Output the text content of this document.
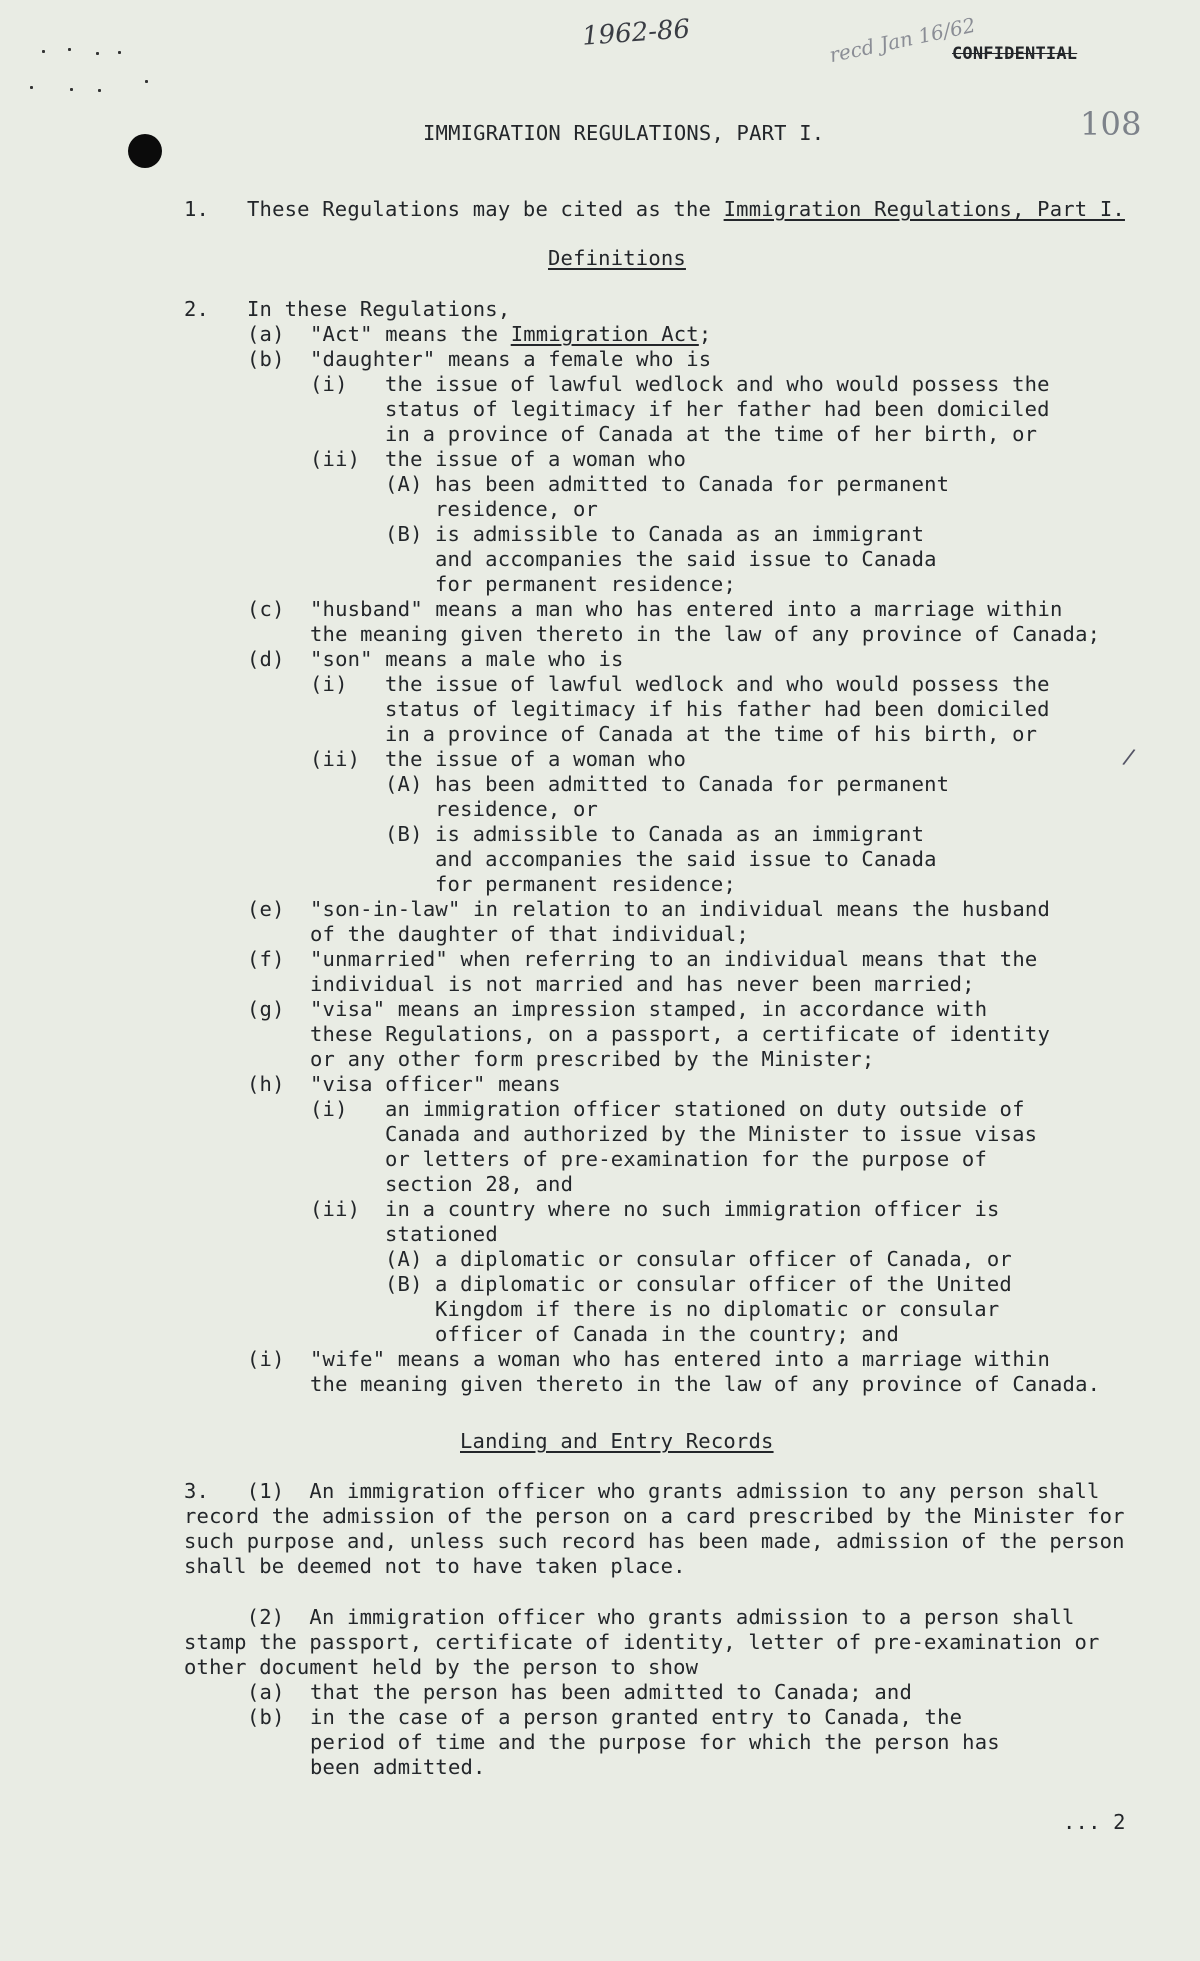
1962-86	recd Jan 16/62
CONFIDENTIAL
108
IMMIGRATION REGULATIONS, PART I.
1. These Regulations may be cited as the Immigration Regulations, Part I.
Definitions
2. In these Regulations,
(a) "Act" means the Immigration Act;
(b) "daughter" means a female who is
(i) the issue of lawful wedlock and who would possess the
status of legitimacy if her father had been domiciled
in a province of Canada at the time of her birth, or
(ii) the issue of a woman who
(A) has been admitted to Canada for permanent
residence, or
(B) is admissible to Canada as an immigrant
and accompanies the said issue to Canada
for permanent residence;
(c) "husband" means a man who has entered into a marriage within
the meaning given thereto in the law of any province of Canada;
(d) "son" means a male who is
(i) the issue of lawful wedlock and who would possess the
status of legitimacy if his father had been domiciled
in a province of Canada at the time of his birth, or
(ii) the issue of a woman who
(A) has been admitted to Canada for permanent
residence, or
(B) is admissible to Canada as an immigrant
and accompanies the said issue to Canada
for permanent residence;
(e) "son-in-law" in relation to an individual means the husband
of the daughter of that individual;
(f) "unmarried" when referring to an individual means that the
individual is not married and has never been married;
(g) "visa" means an impression stamped, in accordance with
these Regulations, on a passport, a certificate of identity
or any other form prescribed by the Minister;
(h) "visa officer" means
(i) an immigration officer stationed on duty outside of
Canada and authorized by the Minister to issue visas
or letters of pre-examination for the purpose of
section 28, and
(ii) in a country where no such immigration officer is
stationed
(A) a diplomatic or consular officer of Canada, or
(B) a diplomatic or consular officer of the United
Kingdom if there is no diplomatic or consular
officer of Canada in the country; and
(i) "wife" means a woman who has entered into a marriage within
the meaning given thereto in the law of any province of Canada.
Landing and Entry Records
3.   (1)  An immigration officer who grants admission to any person shall
record the admission of the person on a card prescribed by the Minister for
such purpose and, unless such record has been made, admission of the person
shall be deemed not to have taken place.
(2)  An immigration officer who grants admission to a person shall
stamp the passport, certificate of identity, letter of pre-examination or
other document held by the person to show
(a) that the person has been admitted to Canada; and
(b) in the case of a person granted entry to Canada, the
period of time and the purpose for which the person has
been admitted.
... 2
/
